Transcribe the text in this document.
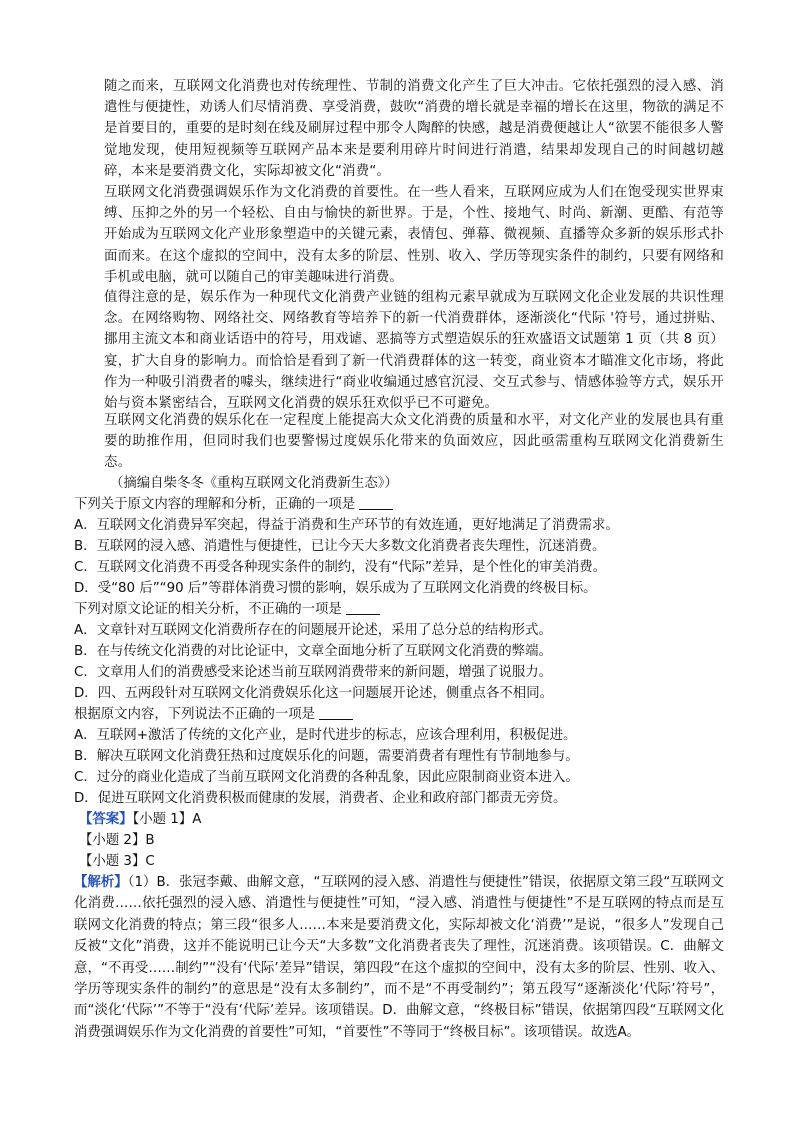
随之而来，互联网文化消费也对传统理性、节制的消费文化产生了巨大冲击。它依托强烈的浸入感、消遣性与便捷性，劝诱人们尽情消费、享受消费，鼓吹“消费的增长就是幸福的增长在这里，物欲的满足不是首要目的，重要的是时刻在线及刷屏过程中那令人陶醉的快感，越是消费便越让人“欲罢不能很多人警觉地发现，使用短视频等互联网产品本来是要利用碎片时间进行消遣，结果却发现自己的时间越切越碎，本来是要消费文化，实际却被文化“消费“。

互联网文化消费强调娱乐作为文化消费的首要性。在一些人看来，互联网应成为人们在饱受现实世界束缚、压抑之外的另一个轻松、自由与愉快的新世界。于是，个性、接地气、时尚、新潮、更酷、有范等开始成为互联网文化产业形象塑造中的关键元素，表情包、弹幕、微视频、直播等众多新的娱乐形式扑面而来。在这个虚拟的空间中，没有太多的阶层、性别、收入、学历等现实条件的制约，只要有网络和手机或电脑，就可以随自己的审美趣味进行消费。

值得注意的是，娱乐作为一种现代文化消费产业链的组构元素早就成为互联网文化企业发展的共识性理念。在网络购物、网络社交、网络教育等培养下的新一代消费群体，逐渐淡化“代际 '符号，通过拼贴、挪用主流文本和商业话语中的符号，用戏谑、恶搞等方式塑造娱乐的狂欢盛语文试题第 1 页（共 8 页）宴，扩大自身的影响力。而恰恰是看到了新一代消费群体的这一转变，商业资本才瞄准文化市场，将此作为一种吸引消费者的噱头，继续进行“商业收编通过感官沉浸、交互式参与、情感体验等方式，娱乐开始与资本紧密结合，互联网文化消费的娱乐狂欢似乎已不可避免。

互联网文化消费的娱乐化在一定程度上能提高大众文化消费的质量和水平，对文化产业的发展也具有重要的助推作用，但同时我们也要警惕过度娱乐化带来的负面效应，因此亟需重构互联网文化消费新生态。

（摘编自柴冬冬《重构互联网文化消费新生态》）

下列关于原文内容的理解和分析，正确的一项是

A．互联网文化消费异军突起，得益于消费和生产环节的有效连通，更好地满足了消费需求。

B．互联网的浸入感、消遣性与便捷性，已让今天大多数文化消费者丧失理性，沉迷消费。

C．互联网文化消费不再受各种现实条件的制约，没有“代际”差异，是个性化的审美消费。

D．受“80 后”“90 后”等群体消费习惯的影响，娱乐成为了互联网文化消费的终极目标。

下列对原文论证的相关分析，不正确的一项是

A．文章针对互联网文化消费所存在的问题展开论述，采用了总分总的结构形式。

B．在与传统文化消费的对比论证中，文章全面地分析了互联网文化消费的弊端。

C．文章用人们的消费感受来论述当前互联网消费带来的新问题，增强了说服力。

D．四、五两段针对互联网文化消费娱乐化这一问题展开论述，侧重点各不相同。

根据原文内容，下列说法不正确的一项是

A．互联网+激活了传统的文化产业，是时代进步的标志，应该合理利用，积极促进。

B．解决互联网文化消费狂热和过度娱乐化的问题，需要消费者有理性有节制地参与。

C．过分的商业化造成了当前互联网文化消费的各种乱象，因此应限制商业资本进入。

D．促进互联网文化消费积极而健康的发展，消费者、企业和政府部门都责无旁贷。

【答案】【小题 1】A

【小题 2】B

【小题 3】C

【解析】（1）B．张冠李戴、曲解文意，“互联网的浸入感、消遣性与便捷性”错误，依据原文第三段“互联网文化消费……依托强烈的浸入感、消遣性与便捷性”可知，“浸入感、消遣性与便捷性”不是互联网的特点而是互联网文化消费的特点；第三段“很多人……本来是要消费文化，实际却被文化‘消费’”是说，“很多人”发现自己反被“文化”消费，这并不能说明已让今天“大多数”文化消费者丧失了理性，沉迷消费。该项错误。C．曲解文意，“不再受……制约”“没有‘代际’差异”错误，第四段“在这个虚拟的空间中，没有太多的阶层、性别、收入、学历等现实条件的制约”的意思是“没有太多制约”，而不是“不再受制约”；第五段写“逐渐淡化‘代际’符号”，而“淡化‘代际’”不等于“没有‘代际’差异。该项错误。D．曲解文意，“终极目标”错误，依据第四段“互联网文化消费强调娱乐作为文化消费的首要性”可知，“首要性”不等同于“终极目标”。该项错误。故选A。
